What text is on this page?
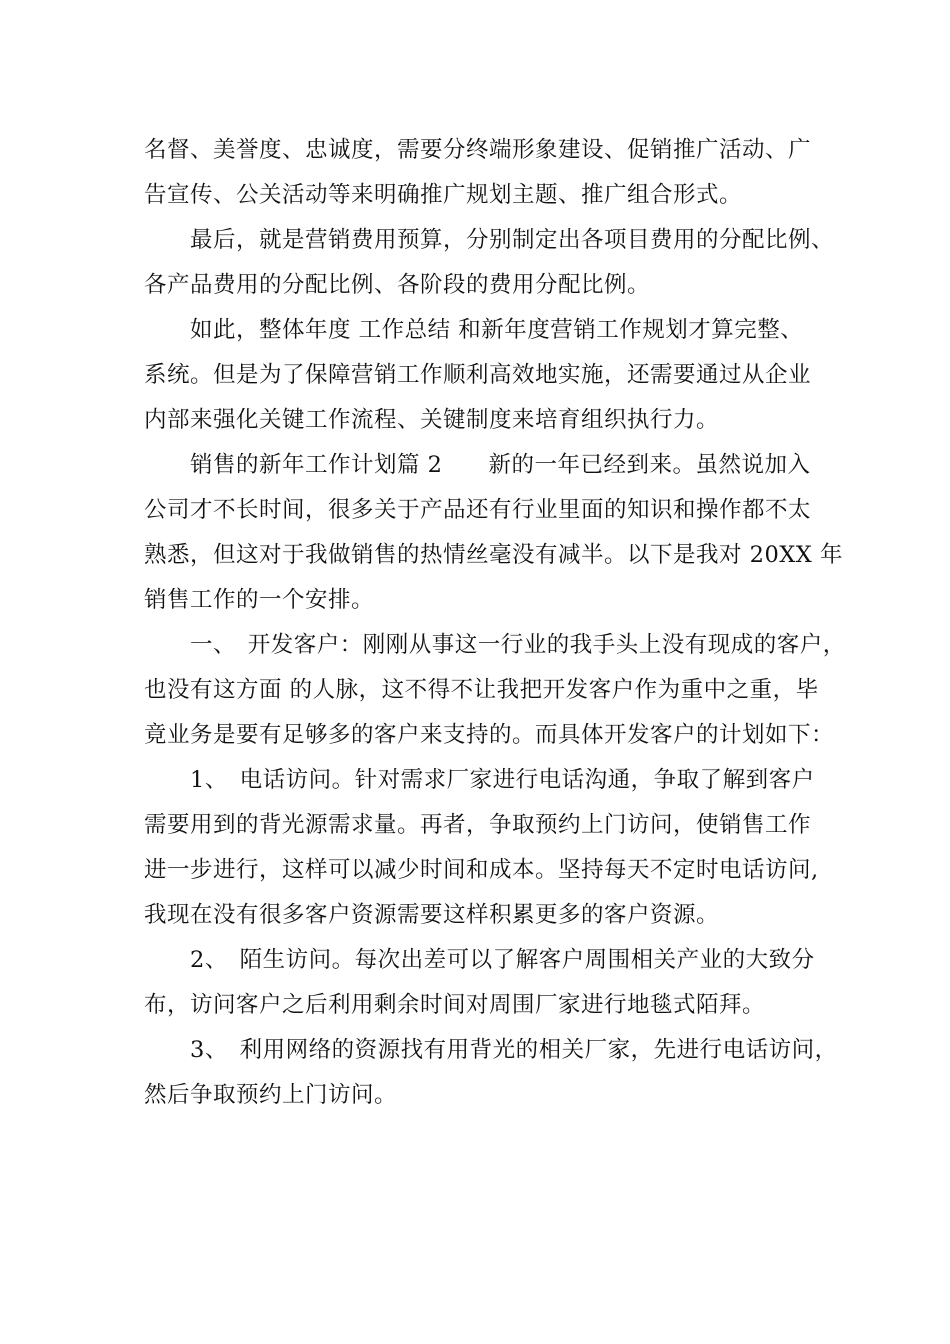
名督、美誉度、忠诚度，需要分终端形象建设、促销推广活动、广
告宣传、公关活动等来明确推广规划主题、推广组合形式。
最后，就是营销费用预算，分别制定出各项目费用的分配比例、
各产品费用的分配比例、各阶段的费用分配比例。
如此，整体年度 工作总结 和新年度营销工作规划才算完整、
系统。但是为了保障营销工作顺利高效地实施，还需要通过从企业
内部来强化关键工作流程、关键制度来培育组织执行力。
销售的新年工作计划篇 2　　新的一年已经到来。虽然说加入
公司才不长时间，很多关于产品还有行业里面的知识和操作都不太
熟悉，但这对于我做销售的热情丝毫没有减半。以下是我对 20XX 年
销售工作的一个安排。
一、　开发客户：刚刚从事这一行业的我手头上没有现成的客户，
也没有这方面 的人脉，这不得不让我把开发客户作为重中之重，毕
竟业务是要有足够多的客户来支持的。而具体开发客户的计划如下：
1、　电话访问。针对需求厂家进行电话沟通，争取了解到客户
需要用到的背光源需求量。再者，争取预约上门访问，使销售工作
进一步进行，这样可以减少时间和成本。坚持每天不定时电话访问,
我现在没有很多客户资源需要这样积累更多的客户资源。
2、　陌生访问。每次出差可以了解客户周围相关产业的大致分
布，访问客户之后利用剩余时间对周围厂家进行地毯式陌拜。
3、　利用网络的资源找有用背光的相关厂家，先进行电话访问，
然后争取预约上门访问。
